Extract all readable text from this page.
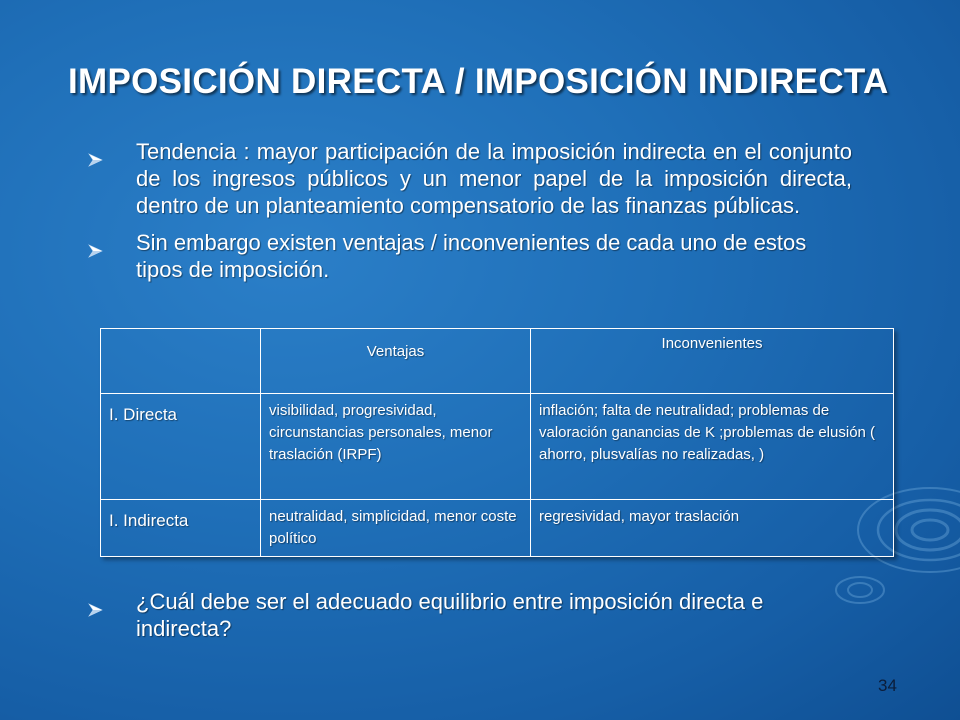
IMPOSICIÓN DIRECTA / IMPOSICIÓN INDIRECTA
Tendencia : mayor participación de la imposición indirecta en el conjunto de los ingresos públicos y un menor papel de la imposición directa, dentro de un planteamiento compensatorio de las finanzas públicas.
Sin embargo existen ventajas / inconvenientes de cada uno de estos tipos de imposición.
	Ventajas	Inconvenientes
I. Directa	visibilidad, progresividad, circunstancias personales, menor traslación (IRPF)	inflación; falta de neutralidad; problemas de valoración ganancias de K ;problemas de elusión ( ahorro, plusvalías no realizadas, )
I. Indirecta	neutralidad, simplicidad, menor coste político	regresividad, mayor traslación
¿Cuál debe ser el adecuado equilibrio entre imposición directa e indirecta?
34
